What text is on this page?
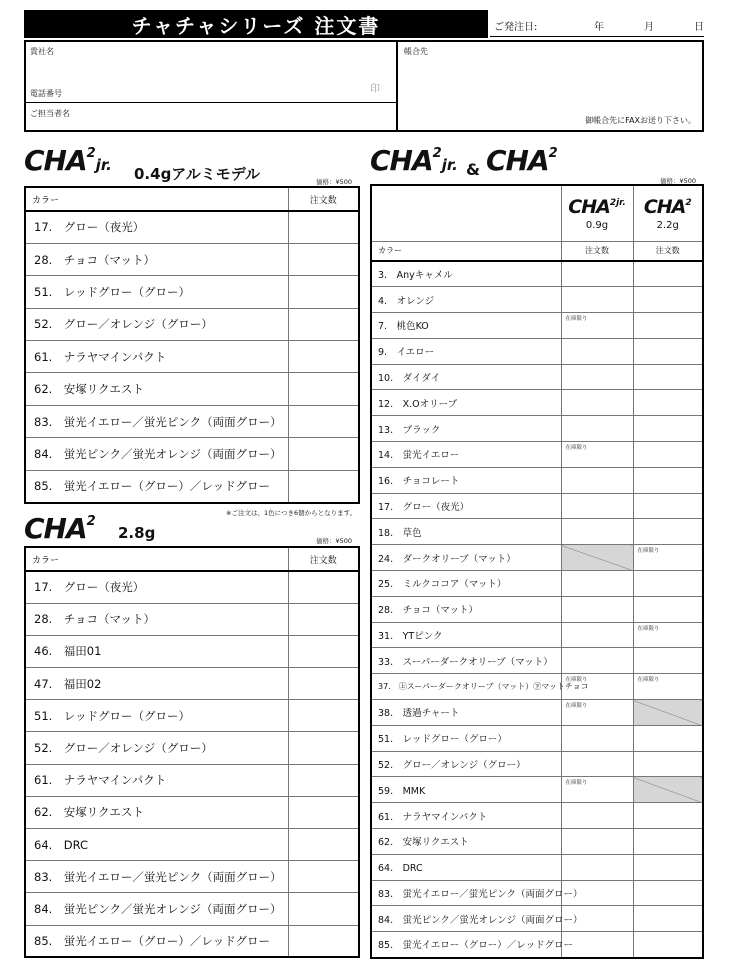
チャチャシリーズ 注文書	ご発注日:	年	月	日
貴社名
電話番号	印
ご担当者名
帳合先
御帳合先にFAXお送り下さい。
CHA$^2$jr. 0.4gアルミモデル	価格：¥500
カラー	注文数
17.　グロー（夜光）	
28.　チョコ（マット）	
51.　レッドグロー（グロー）	
52.　グロー／オレンジ（グロー）	
61.　ナラヤマインパクト	
62.　安塚リクエスト	
83.　蛍光イエロー／蛍光ピンク（両面グロー）	
84.　蛍光ピンク／蛍光オレンジ（両面グロー）	
85.　蛍光イエロー（グロー）／レッドグロー	
※ご注文は、1色につき6個からとなります。
CHA$^2$
2.8g	価格：¥500
カラー	注文数
17.　グロー（夜光）	
28.　チョコ（マット）	
46.　福田01	
47.　福田02	
51.　レッドグロー（グロー）	
52.　グロー／オレンジ（グロー）	
61.　ナラヤマインパクト	
62.　安塚リクエスト	
64.　DRC	
83.　蛍光イエロー／蛍光ピンク（両面グロー）	
84.　蛍光ピンク／蛍光オレンジ（両面グロー）	
85.　蛍光イエロー（グロー）／レッドグロー	
CHA$^2$jr. & CHA$^2$
価格：¥500
	$CHA^{2jr.}$
0.9g	CHA$^2$
2.2g

カラー	注文数	注文数
3.　Anyキャメル		
4.　オレンジ		
7.　桃色KO	在庫限り	

9.　イエロー		
10.　ダイダイ		
12.　X.Oオリーブ		
13.　ブラック		
14.　蛍光イエロー	在庫限り	

16.　チョコレート		
17.　グロー（夜光）		
18.　草色		
24.　ダークオリーブ（マット）		在庫限り

25.　ミルクココア（マット）		
28.　チョコ（マット）		
31.　YTピンク		在庫限り

33.　スーパーダークオリーブ（マット）		
37.　㊤スーパーダークオリーブ（マット）㊦マットチョコ	在庫限り	在庫限り

38.　透過チャート	在庫限り	

51.　レッドグロー（グロー）		
52.　グロー／オレンジ（グロー）		
59.　MMK	在庫限り	

61.　ナラヤマインパクト		
62.　安塚リクエスト		
64.　DRC		
83.　蛍光イエロー／蛍光ピンク（両面グロー）		
84.　蛍光ピンク／蛍光オレンジ（両面グロー）		
85.　蛍光イエロー（グロー）／レッドグロー		
